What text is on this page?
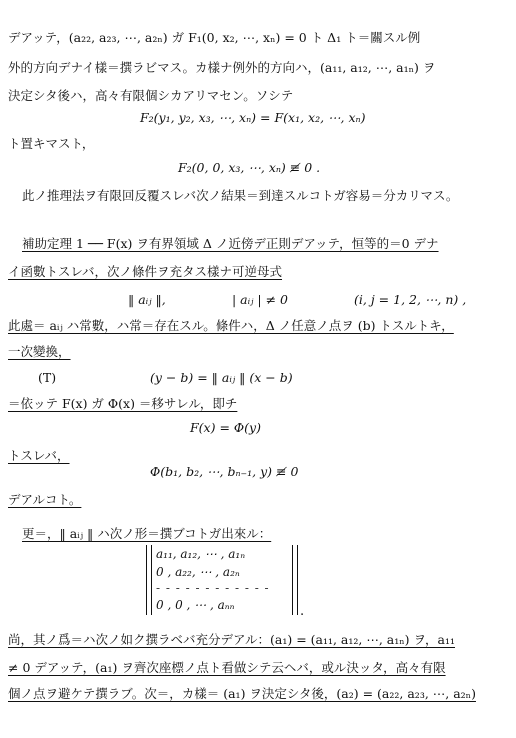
デアッテ，(a₂₂, a₂₃, ⋯, a₂ₙ) ガ F₁(0, x₂, ⋯, xₙ) = 0 ト Δ₁ ト＝關スル例
外的方向デナイ樣＝撰ラビマス。カ樣ナ例外的方向ハ，(a₁₁, a₁₂, ⋯, a₁ₙ) ヲ
決定シタ後ハ，高々有限個シカアリマセン。ソシテ
F₂(y₁, y₂, x₃, ⋯, xₙ) = F(x₁, x₂, ⋯, xₙ)
ト置キマスト，
F₂(0, 0, x₃, ⋯, xₙ) ≢ 0 .
此ノ推理法ヲ有限回反覆スレバ次ノ結果＝到達スルコトガ容易＝分カリマス。
補助定理 1 ── F(x) ヲ有界領域 Δ ノ近傍デ正則デアッテ，恒等的＝0 デナ
イ函數トスレバ，次ノ條件ヲ充タス樣ナ可逆母式
‖ aᵢⱼ ‖,	| aᵢⱼ | ≠ 0	(i, j = 1, 2, ⋯, n) ,
此處＝ aᵢⱼ ハ常數，ハ常＝存在スル。條件ハ，Δ ノ任意ノ点ヲ (b) トスルトキ，
一次變換，
(T)	(y − b) = ‖ aᵢⱼ ‖ (x − b)
＝依ッテ F(x) ガ Φ(x) ＝移サレル，即チ
F(x) = Φ(y)
トスレバ，
Φ(b₁, b₂, ⋯, bₙ₋₁, y) ≢ 0
デアルコト。
更＝，‖ aᵢⱼ ‖ ハ次ノ形＝撰ブコトガ出來ル：
a₁₁, a₁₂, ⋯ , a₁ₙ
0 , a₂₂, ⋯ , a₂ₙ
- - - - - - - - - - - -
0 , 0 , ⋯ , aₙₙ	.
尚，其ノ爲＝ハ次ノ如ク撰ラベバ充分デアル：(a₁) = (a₁₁, a₁₂, ⋯, a₁ₙ) ヲ，a₁₁
≠ 0 デアッテ，(a₁) ヲ齊次座標ノ点ト看做シテ云ヘバ，或ル決ッタ，高々有限
個ノ点ヲ避ケテ撰ラブ。次＝，カ樣＝ (a₁) ヲ決定シタ後，(a₂) = (a₂₂, a₂₃, ⋯, a₂ₙ)
